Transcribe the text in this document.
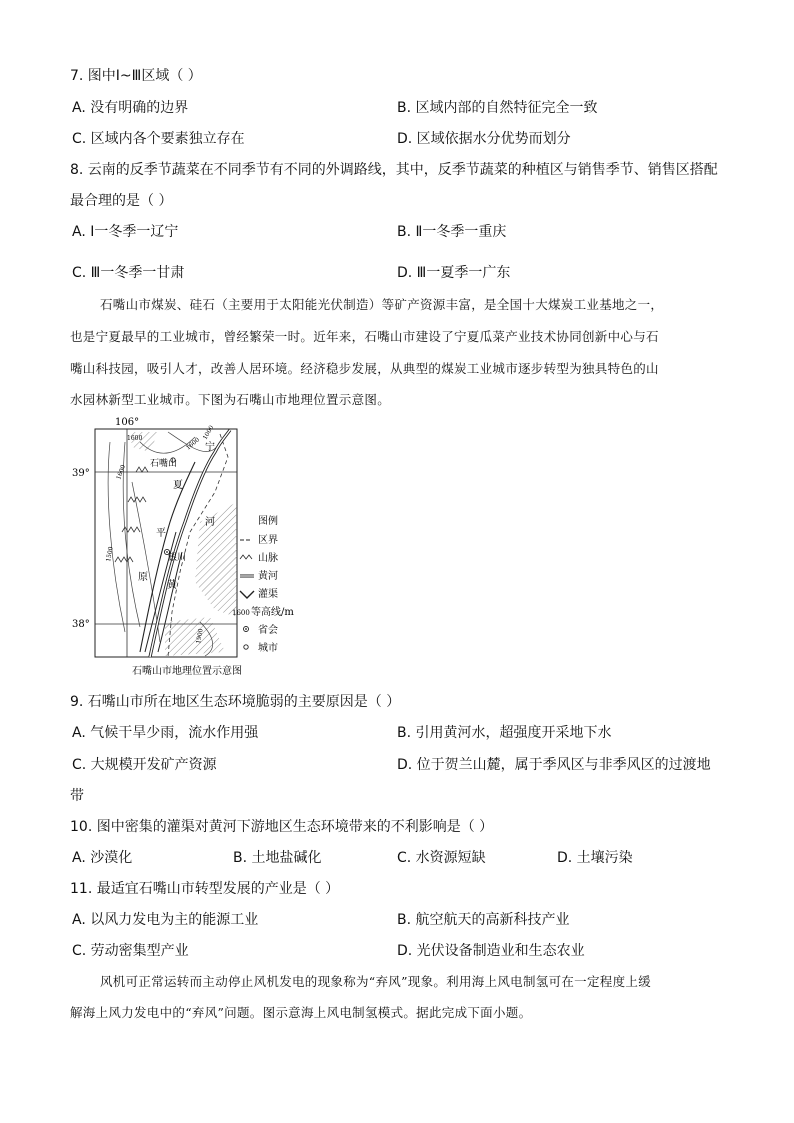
7. 图中Ⅰ~Ⅲ区域（ ）
A. 没有明确的边界	B. 区域内部的自然特征完全一致
C. 区域内各个要素独立存在	D. 区域依据水分优势而划分
8. 云南的反季节蔬菜在不同季节有不同的外调路线，其中，反季节蔬菜的种植区与销售季节、销售区搭配
最合理的是（ ）
A. Ⅰ一冬季一辽宁	B. Ⅱ一冬季一重庆
C. Ⅲ一冬季一甘肃	D. Ⅲ一夏季一广东
石嘴山市煤炭、硅石（主要用于太阳能光伏制造）等矿产资源丰富，是全国十大煤炭工业基地之一，
也是宁夏最早的工业城市，曾经繁荣一时。近年来，石嘴山市建设了宁夏瓜菜产业技术协同创新中心与石
嘴山科技园，吸引人才，改善人居环境。经济稳步发展，从典型的煤炭工业城市逐步转型为独具特色的山
水园林新型工业城市。下图为石嘴山市地理位置示意图。
106°
39°
38°
1600	1600
1000
1500
1600
1900
石嘴山
银川
宁
夏
河
黄
平
原
石嘴山市地理位置示意图
图例
区界
山脉
黄河
灌渠
1600 等高线/m
省会
城市
9. 石嘴山市所在地区生态环境脆弱的主要原因是（ ）
A. 气候干旱少雨，流水作用强	B. 引用黄河水，超强度开采地下水
C. 大规模开发矿产资源	D. 位于贺兰山麓，属于季风区与非季风区的过渡地
带
10. 图中密集的灌渠对黄河下游地区生态环境带来的不利影响是（ ）
A. 沙漠化	B. 土地盐碱化	C. 水资源短缺	D. 土壤污染
11. 最适宜石嘴山市转型发展的产业是（ ）
A. 以风力发电为主的能源工业	B. 航空航天的高新科技产业
C. 劳动密集型产业	D. 光伏设备制造业和生态农业
风机可正常运转而主动停止风机发电的现象称为“弃风”现象。利用海上风电制氢可在一定程度上缓
解海上风力发电中的“弃风”问题。图示意海上风电制氢模式。据此完成下面小题。
